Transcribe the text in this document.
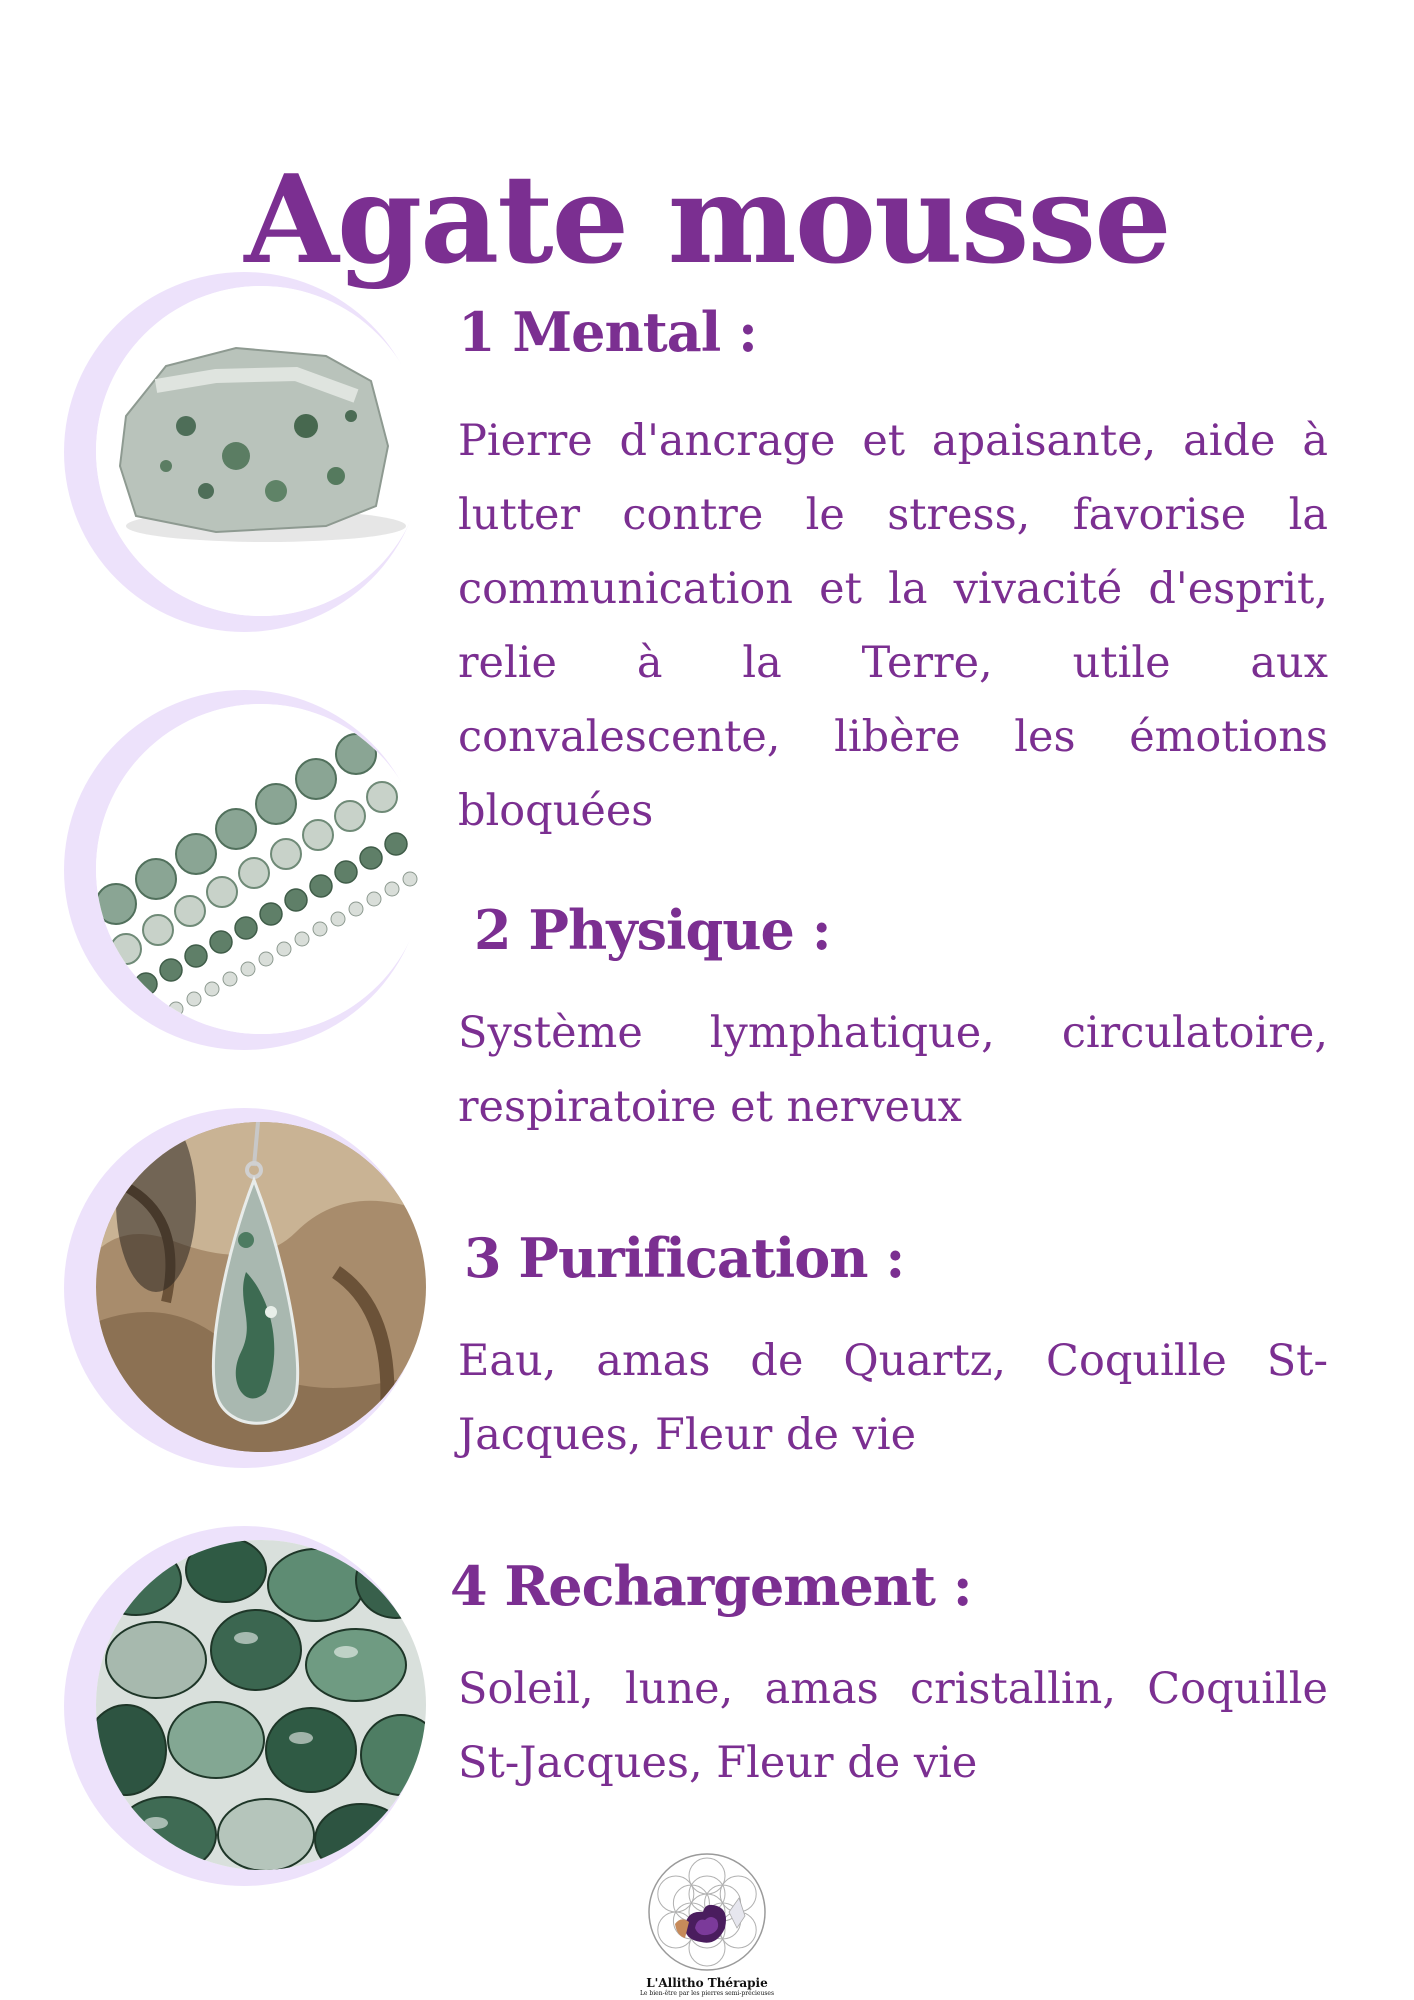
Agate mousse
1 Mental :

Pierre d'ancrage et apaisante, aide à lutter contre le stress, favorise la communication et la vivacité d'esprit, relie à la Terre, utile aux convalescente, libère les émotions bloquées

2 Physique :

Système lymphatique, circulatoire, respiratoire et nerveux

3 Purification :

Eau, amas de Quartz, Coquille St-Jacques, Fleur de vie

4 Rechargement :

Soleil, lune, amas cristallin, Coquille St-Jacques, Fleur de vie

L'Allitho Thérapie
Le bien-être par les pierres semi-précieuses
